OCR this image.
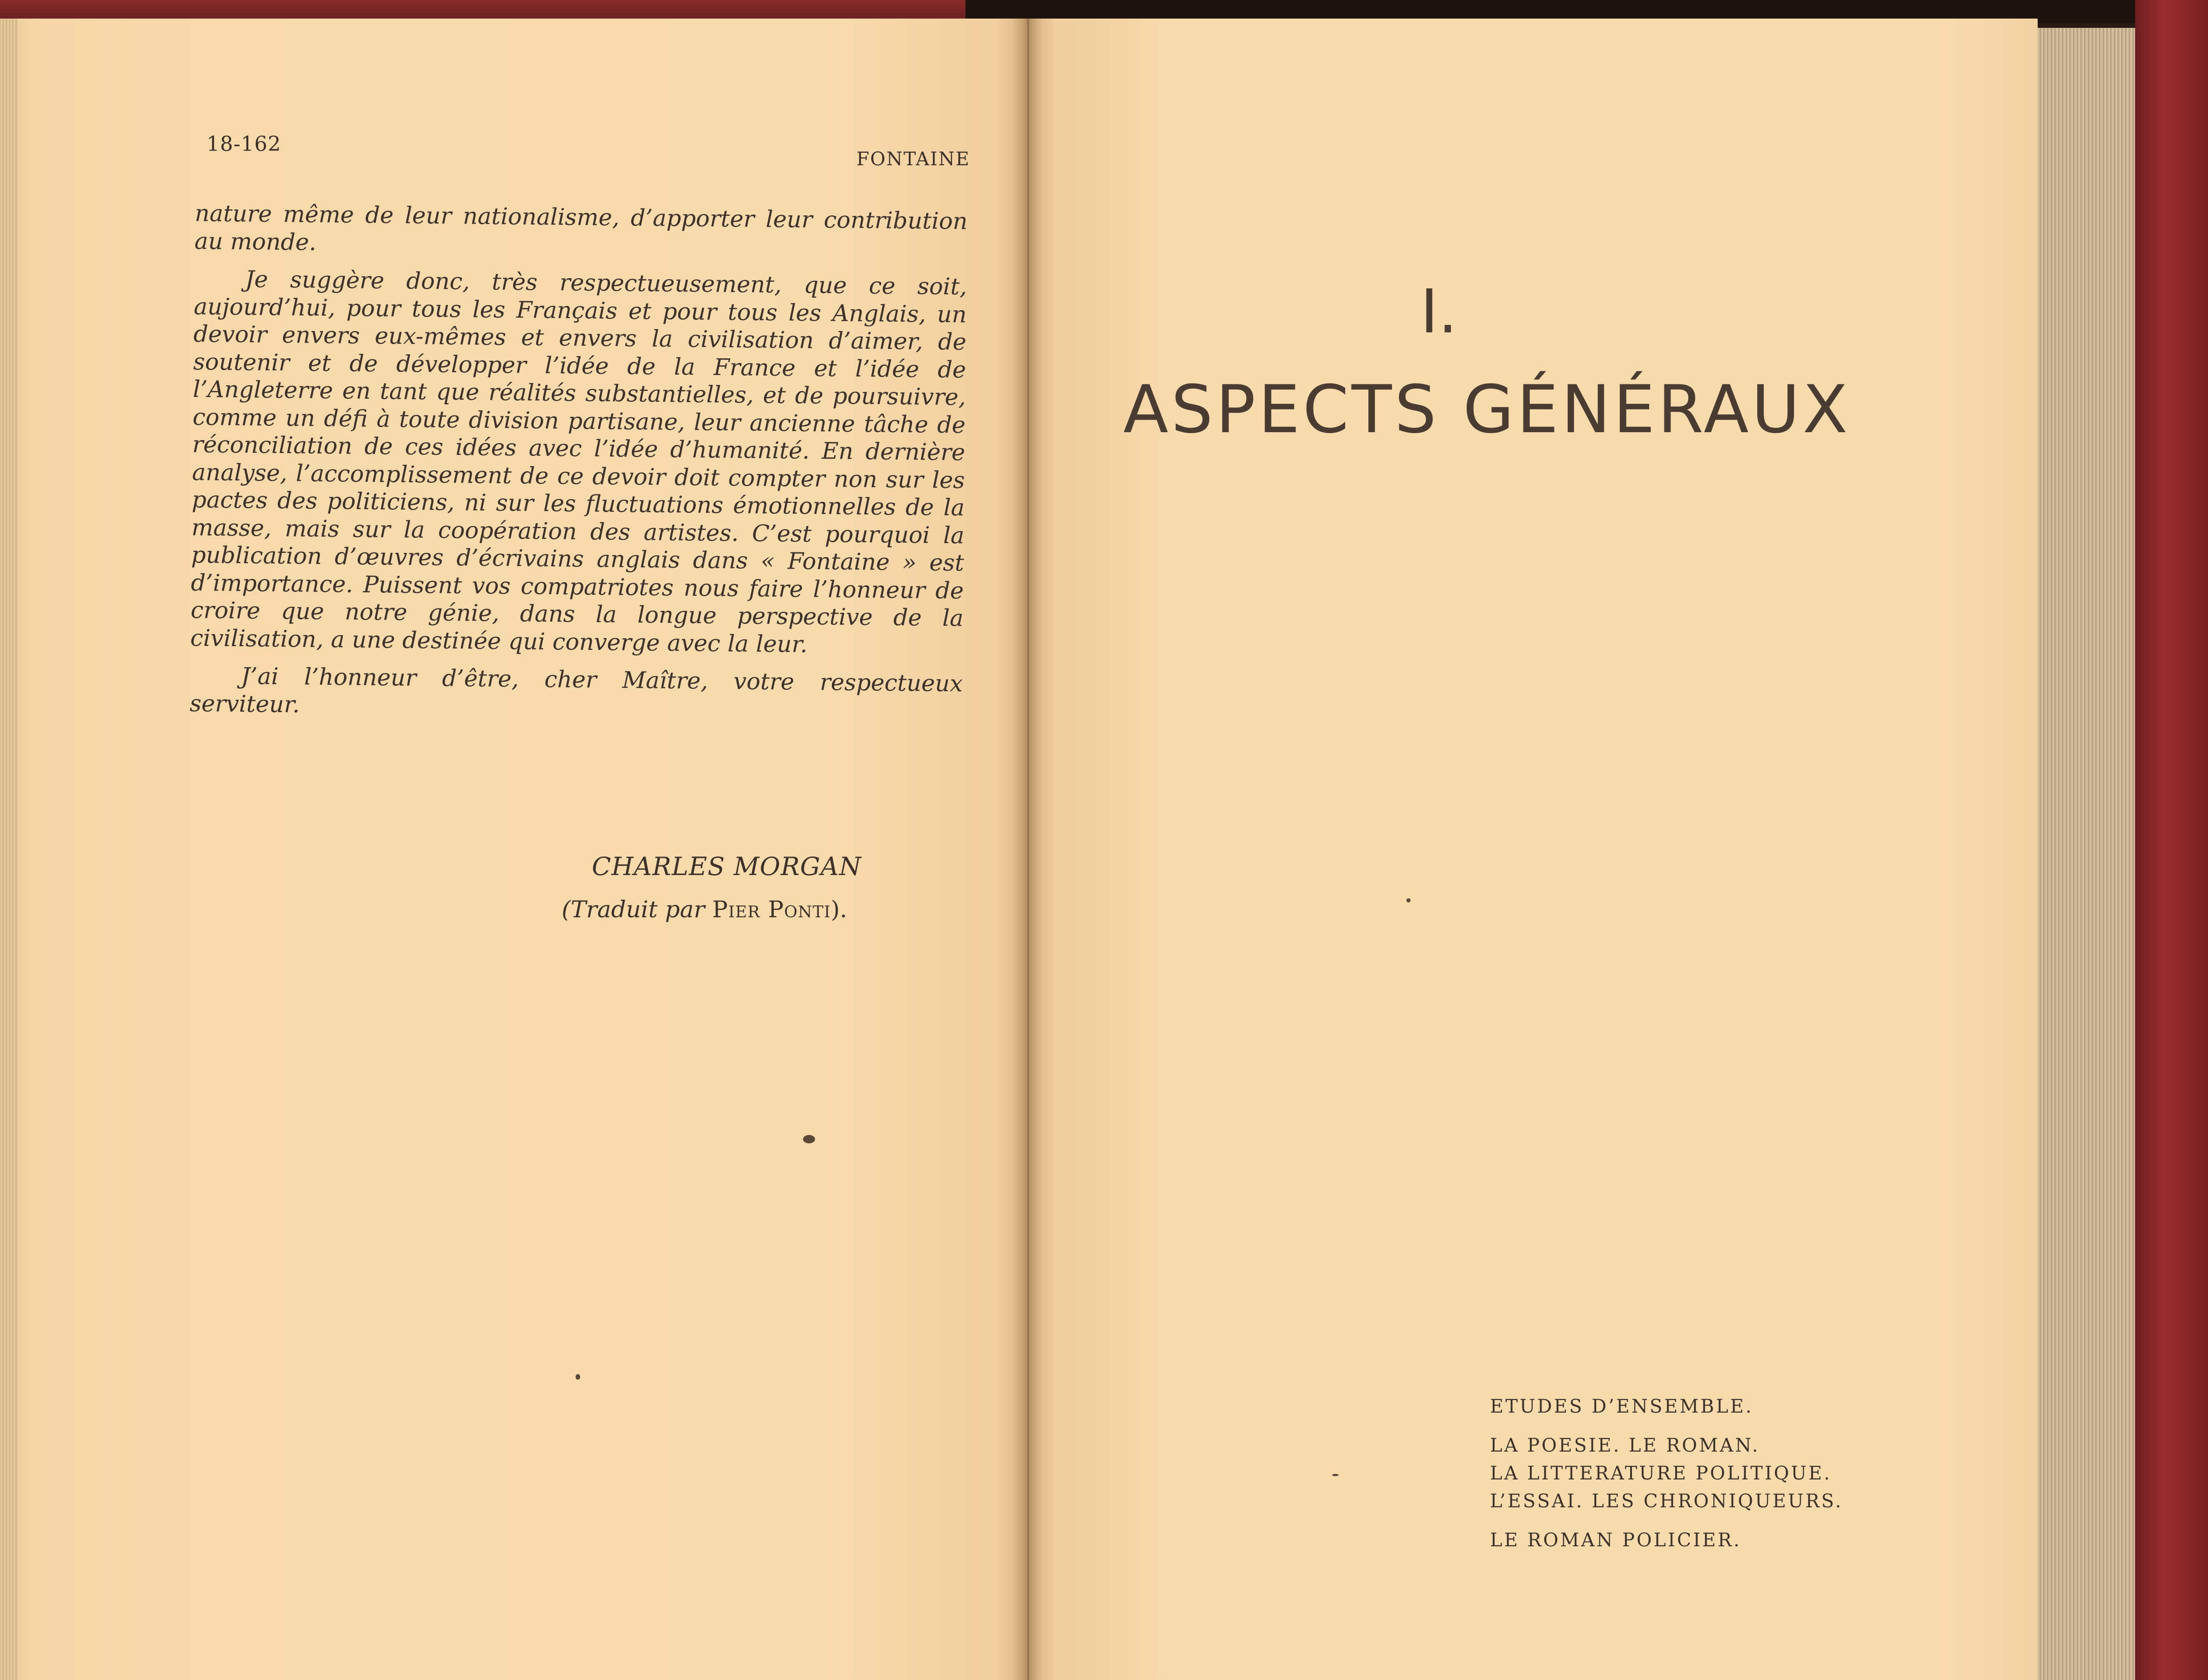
18-162
FONTAINE

nature même de leur nationalisme, d’apporter leur contribution au monde.

Je suggère donc, très respectueusement, que ce soit, aujourd’hui, pour tous les Français et pour tous les Anglais, un devoir envers eux-mêmes et envers la civilisation d’aimer, de soutenir et de développer l’idée de la France et l’idée de l’Angleterre en tant que réalités substantielles, et de poursuivre, comme un défi à toute division partisane, leur ancienne tâche de réconciliation de ces idées avec l’idée d’humanité. En dernière analyse, l’accomplissement de ce devoir doit compter non sur les pactes des politiciens, ni sur les fluctuations émotionnelles de la masse, mais sur la coopération des artistes. C’est pourquoi la publication d’œuvres d’écrivains anglais dans « Fontaine » est d’importance. Puissent vos compatriotes nous faire l’honneur de croire que notre génie, dans la longue perspective de la civilisation, a une destinée qui converge avec la leur.

J’ai l’honneur d’être, cher Maître, votre respectueux serviteur.

CHARLES MORGAN
(Traduit par Pier Ponti).
I.
ASPECTS GÉNÉRAUX
ETUDES D’ENSEMBLE.
LA POESIE. LE ROMAN.
LA LITTERATURE POLITIQUE.
L’ESSAI. LES CHRONIQUEURS.
LE ROMAN POLICIER.
